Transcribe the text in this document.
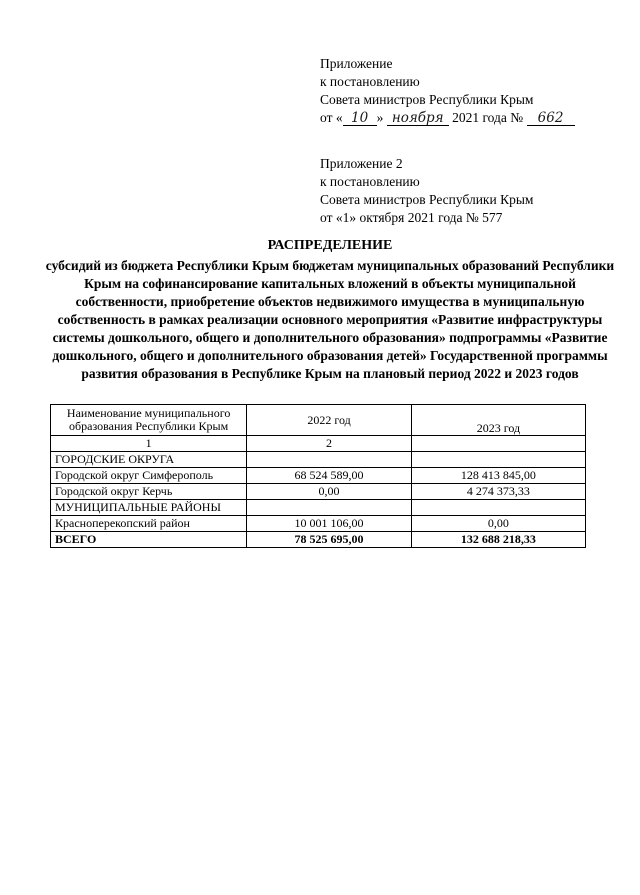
Приложение
к постановлению
Совета министров Республики Крым
от « 10 » ноября 2021 года № 662
Приложение 2
к постановлению
Совета министров Республики Крым
от «1» октября 2021 года № 577
РАСПРЕДЕЛЕНИЕ
субсидий из бюджета Республики Крым бюджетам муниципальных образований Республики Крым на софинансирование капитальных вложений в объекты муниципальной собственности, приобретение объектов недвижимого имущества в муниципальную собственность в рамках реализации основного мероприятия «Развитие инфраструктуры системы дошкольного, общего и дополнительного образования» подпрограммы «Развитие дошкольного, общего и дополнительного образования детей» Государственной программы развития образования в Республике Крым на плановый период 2022 и 2023 годов
Наименование муниципального образования Республики Крым	2022 год	2023 год
1	2	
ГОРОДСКИЕ ОКРУГА		
Городской округ Симферополь	68 524 589,00	128 413 845,00
Городской округ Керчь	0,00	4 274 373,33
МУНИЦИПАЛЬНЫЕ РАЙОНЫ		
Красноперекопский район	10 001 106,00	0,00
ВСЕГО	78 525 695,00	132 688 218,33
